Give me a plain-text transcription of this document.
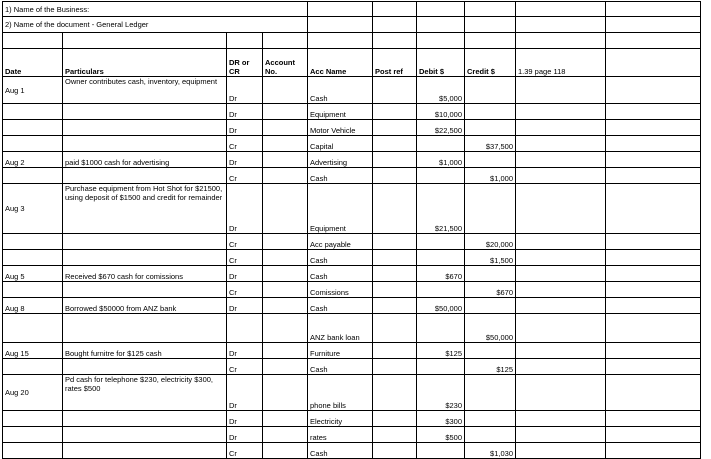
1) Name of the Business:									
2) Name of the document - General Ledger									

Date	Particulars	DR or CR	Account No.	Acc Name	Post ref	Debit $	Credit $	1.39 page 118	
Aug 1	Owner contributes cash, inventory, equipment	Dr		Cash		$5,000			
		Dr		Equipment		$10,000			
		Dr		Motor Vehicle		$22,500			
		Cr		Capital			$37,500		
Aug 2	paid $1000 cash for advertising	Dr		Advertising		$1,000			
		Cr		Cash			$1,000		
Aug 3	Purchase equipment from Hot Shot for $21500, using deposit of $1500 and credit for remainder	Dr		Equipment		$21,500			
		Cr		Acc payable			$20,000		
		Cr		Cash			$1,500		
Aug 5	Received $670 cash for comissions	Dr		Cash		$670			
		Cr		Comissions			$670		
Aug 8	Borrowed $50000 from ANZ bank	Dr		Cash		$50,000			
				ANZ bank loan			$50,000		
Aug 15	Bought furnitre for $125 cash	Dr		Furniture		$125			
		Cr		Cash			$125		
Aug 20	Pd cash for telephone $230, electricity $300, rates $500	Dr		phone bills		$230			
		Dr		Electricity		$300			
		Dr		rates		$500			
		Cr		Cash			$1,030		
